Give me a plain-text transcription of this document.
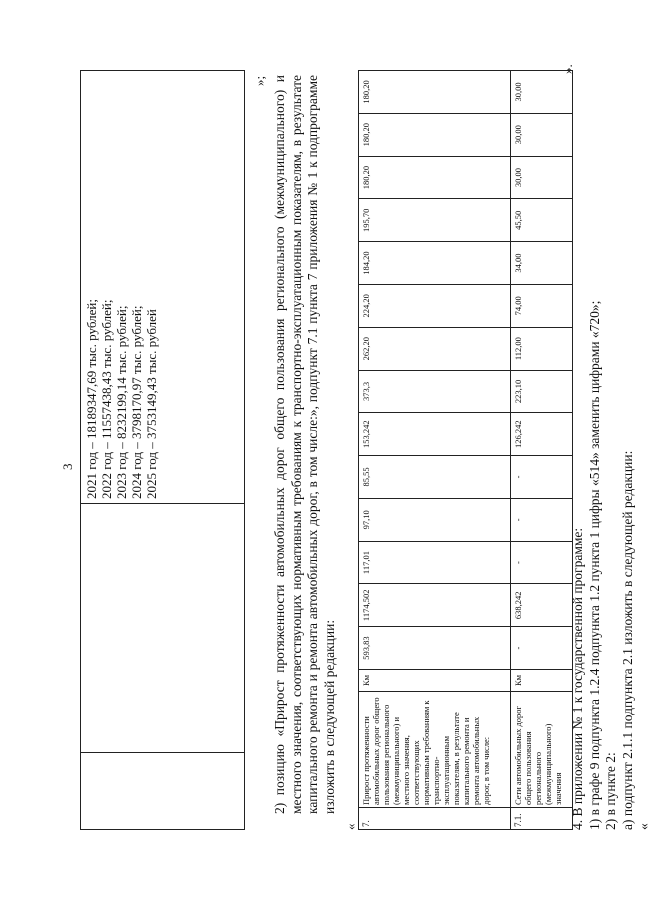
3
		2021 год – 18189347,69 тыс. рублей; 2022 год – 11557438,43 тыс. рублей; 2023 год – 8232199,14 тыс. рублей; 2024 год – 3798170,97 тыс. рублей; 2025 год – 3753149,43 тыс. рублей
»; 2) позицию «Прирост протяженности автомобильных дорог общего пользования регионального (межмуниципального) и местного значения, соответствующих нормативным требованиям к транспортно-эксплуатационным показателям, в результате капитального ремонта и ремонта автомобильных дорог, в том числе:», подпункт 7.1 пункта 7 приложения № 1 к подпрограмме изложить в следующей редакции:
« 7.	Прирост протяженности автомобильных дорог общего пользования регионального (межмуниципального) и местного значения, соответствующих нормативным требованиям к транспортно-эксплуатационным показателям, в результате капитального ремонта и ремонта автомобильных дорог, в том числе:	Км	593,83	1174,502	117,01	97,10	85,55	153,242	373,3	262,20	224,20	184,20	195,70	180,20	180,20	180,20
7.1.	Сети автомобильных дорог общего пользования регионального (межмуниципального) значения	Км	-	638,242	-	-	-	126,242	223,10	112,00	74,00	34,00	45,50	30,00	30,00	30,00
».
4. В приложении № 1 к государственной программе: 1) в графе 9 подпункта 1.2.4 подпункта 1.2 пункта 1 цифры «514» заменить цифрами «720»; 2) в пункте 2: а) подпункт 2.1.1 подпункта 2.1 изложить в следующей редакции: «
